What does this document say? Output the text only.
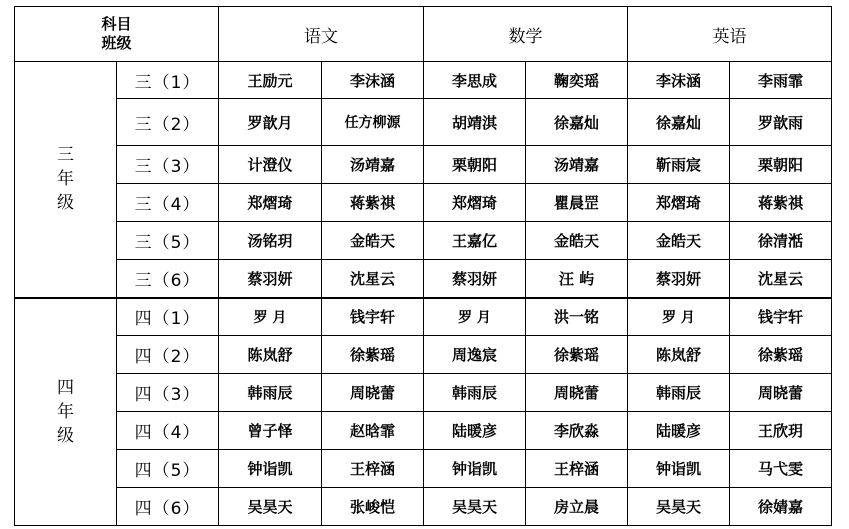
科目
班级		语文		数学		英语	
三年级	三（1）	王励元	李沫涵	李思成	鞠奕瑶	李沫涵	李雨霏
	三（2）	罗歆月	任方柳源	胡靖淇	徐嘉灿	徐嘉灿	罗歆雨
	三（3）	计澄仪	汤靖嘉	栗朝阳	汤靖嘉	靳雨宸	栗朝阳
	三（4）	郑熠琦	蒋紫祺	郑熠琦	瞿晨罡	郑熠琦	蒋紫祺
	三（5）	汤铭玥	金皓天	王嘉亿	金皓天	金皓天	徐清湉
	三（6）	蔡羽妍	沈星云	蔡羽妍	汪 屿	蔡羽妍	沈星云
四年级	四（1）	罗 月	钱宇轩	罗 月	洪一铭	罗 月	钱宇轩
	四（2）	陈岚舒	徐紫瑶	周逸宸	徐紫瑶	陈岚舒	徐紫瑶
	四（3）	韩雨辰	周晓蕾	韩雨辰	周晓蕾	韩雨辰	周晓蕾
	四（4）	曾子怿	赵晗霏	陆暖彦	李欣淼	陆暖彦	王欣玥
	四（5）	钟诣凯	王梓涵	钟诣凯	王梓涵	钟诣凯	马弋雯
	四（6）	吴昊天	张峻恺	吴昊天	房立晨	吴昊天	徐婧嘉
